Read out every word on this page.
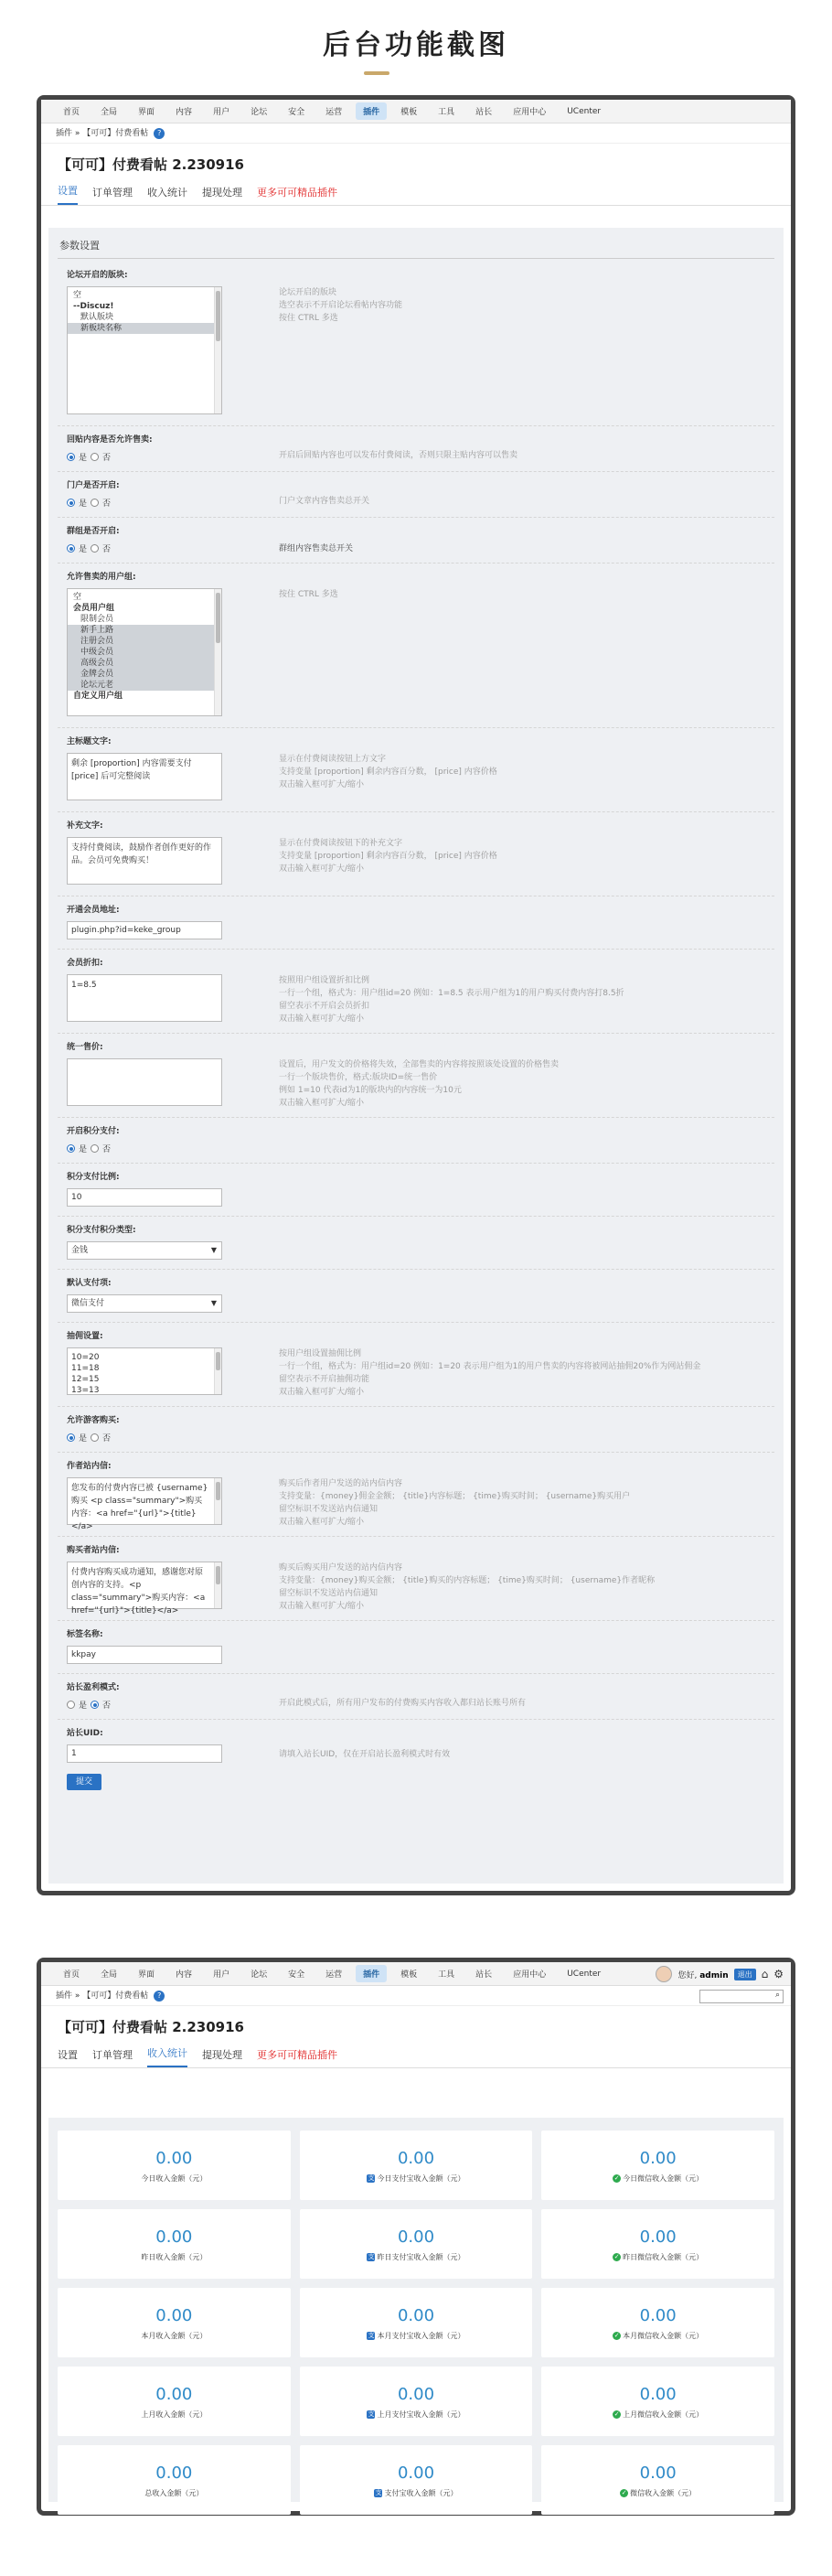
后台功能截图
首页	全局	界面	内容	用户	论坛	安全	运营	插件	模板	工具	站长	应用中心	UCenter
插件 » 【可可】付费看帖 ?
【可可】付费看帖 2.230916
设置 订单管理 收入统计 提现处理 更多可可精品插件
参数设置
论坛开启的版块:
空
--Discuz!
默认版块
新板块名称
论坛开启的版块
选空表示不开启论坛看帖内容功能
按住 CTRL 多选
回贴内容是否允许售卖:
是 否	开启后回贴内容也可以发布付费阅读，否则只限主贴内容可以售卖
门户是否开启:
是 否	门户文章内容售卖总开关
群组是否开启:
是 否	群组内容售卖总开关
允许售卖的用户组:
空
会员用户组
限制会员
新手上路
注册会员
中级会员
高级会员
金牌会员
论坛元老
自定义用户组
按住 CTRL 多选
主标题文字:
剩余 [proportion] 内容需要支付 [price] 后可完整阅读
显示在付费阅读按钮上方文字
支持变量 [proportion] 剩余内容百分数， [price] 内容价格
双击输入框可扩大/缩小
补充文字:
支持付费阅读，鼓励作者创作更好的作品。会员可免费购买！
显示在付费阅读按钮下的补充文字
支持变量 [proportion] 剩余内容百分数， [price] 内容价格
双击输入框可扩大/缩小
开通会员地址:
plugin.php?id=keke_group
会员折扣:
1=8.5	按照用户组设置折扣比例
一行一个组，格式为：用户组id=20 例如：1=8.5 表示用户组为1的用户购买付费内容打8.5折
留空表示不开启会员折扣
双击输入框可扩大/缩小
统一售价:
设置后，用户发文的价格将失效，全部售卖的内容将按照该处设置的价格售卖
一行一个版块售价，格式:版块ID=统一售价
例如 1=10 代表id为1的版块内的内容统一为10元
双击输入框可扩大/缩小
开启积分支付:
是 否
积分支付比例:
10
积分支付积分类型:
金钱	▼
默认支付项:
微信支付	▼
抽佣设置:
10=20
11=18
12=15
13=13
按用户组设置抽佣比例
一行一个组，格式为：用户组id=20 例如：1=20 表示用户组为1的用户售卖的内容将被网站抽佣20%作为网站佣金
留空表示不开启抽佣功能
双击输入框可扩大/缩小
允许游客购买:
是 否
作者站内信:
您发布的付费内容已被 {username}购买 <p class="summary">购买内容：<a href="{url}">{title}</a>
购买后作者用户发送的站内信内容
支持变量：{money}佣金金额； {title}内容标题； {time}购买时间； {username}购买用户
留空标识不发送站内信通知
双击输入框可扩大/缩小
购买者站内信:
付费内容购买成功通知，感谢您对原创内容的支持。<p class="summary">购买内容：<a href="{url}">{title}</a>
购买后购买用户发送的站内信内容
支持变量：{money}购买金额； {title}购买的内容标题； {time}购买时间； {username}作者昵称
留空标识不发送站内信通知
双击输入框可扩大/缩小
标签名称:
kkpay
站长盈利模式:
是 否	开启此模式后，所有用户发布的付费购买内容收入都归站长账号所有
站长UID:
1	请填入站长UID，仅在开启站长盈利模式时有效
提交
首页	全局	界面	内容	用户	论坛	安全	运营	插件	模板	工具	站长	应用中心	UCenter	您好, admin	退出 ⌂ ⚙
⌕
插件 » 【可可】付费看帖 ?
【可可】付费看帖 2.230916
设置 订单管理 收入统计 提现处理 更多可可精品插件
0.00
今日收入金额（元）
0.00
支 今日支付宝收入金额（元）
0.00
✓ 今日微信收入金额（元）
0.00
昨日收入金额（元）
0.00
支 昨日支付宝收入金额（元）
0.00
✓ 昨日微信收入金额（元）
0.00
本月收入金额（元）
0.00
支 本月支付宝收入金额（元）
0.00
✓ 本月微信收入金额（元）
0.00
上月收入金额（元）
0.00
支 上月支付宝收入金额（元）
0.00
✓ 上月微信收入金额（元）
0.00
总收入金额（元）
0.00
支 支付宝收入金额（元）
0.00
✓ 微信收入金额（元）
